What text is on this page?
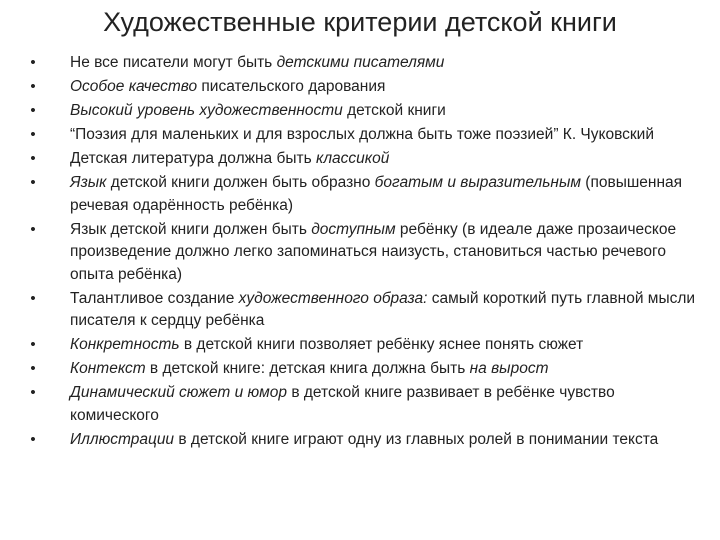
Художественные критерии детской книги
• Не все писатели могут быть детскими писателями
• Особое качество писательского дарования
• Высокий уровень художественности детской книги
• “Поэзия для маленьких и для взрослых должна быть тоже поэзией” К. Чуковский
• Детская литература должна быть классикой
• Язык детской книги должен быть образно богатым и выразительным (повышенная речевая одарённость ребёнка)
• Язык детской книги должен быть доступным ребёнку (в идеале даже прозаическое произведение должно легко запоминаться наизусть, становиться частью речевого опыта ребёнка)
• Талантливое создание художественного образа: самый короткий путь главной мысли писателя к сердцу ребёнка
• Конкретность в детской книги позволяет ребёнку яснее понять сюжет
• Контекст в детской книге: детская книга должна быть на вырост
• Динамический сюжет и юмор в детской книге развивает в ребёнке чувство комического
• Иллюстрации в детской книге играют одну из главных ролей в понимании текста
